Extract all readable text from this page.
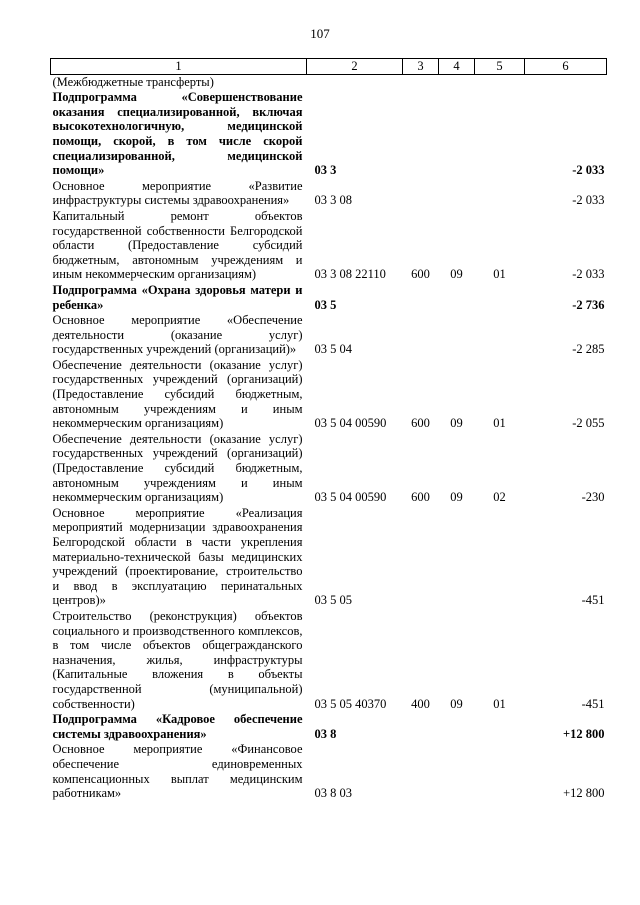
107
1	2	3	4	5	6
(Межбюджетные трансферты)					
Подпрограмма «Совершенствование оказания специализированной, включая высокотехнологичную, медицинской помощи, скорой, в том числе скорой специализированной, медицинской помощи»	03 3				-2 033
Основное мероприятие «Развитие инфраструктуры системы здравоохранения»	03 3 08				-2 033
Капитальный ремонт объектов государственной собственности Белгородской области (Предоставление субсидий бюджетным, автономным учреждениям и иным некоммерческим организациям)	03 3 08 22110	600	09	01	-2 033
Подпрограмма «Охрана здоровья матери и ребенка»	03 5				-2 736
Основное мероприятие «Обеспечение деятельности (оказание услуг) государственных учреждений (организаций)»	03 5 04				-2 285
Обеспечение деятельности (оказание услуг) государственных учреждений (организаций) (Предоставление субсидий бюджетным, автономным учреждениям и иным некоммерческим организациям)	03 5 04 00590	600	09	01	-2 055
Обеспечение деятельности (оказание услуг) государственных учреждений (организаций) (Предоставление субсидий бюджетным, автономным учреждениям и иным некоммерческим организациям)	03 5 04 00590	600	09	02	-230
Основное мероприятие «Реализация мероприятий модернизации здравоохранения Белгородской области в части укрепления материально-технической базы медицинских учреждений (проектирование, строительство и ввод в эксплуатацию перинатальных центров)»	03 5 05				-451
Строительство (реконструкция) объектов социального и производственного комплексов, в том числе объектов общегражданского назначения, жилья, инфраструктуры (Капитальные вложения в объекты государственной (муниципальной) собственности)	03 5 05 40370	400	09	01	-451
Подпрограмма «Кадровое обеспечение системы здравоохранения»	03 8				+12 800
Основное мероприятие «Финансовое обеспечение единовременных компенсационных выплат медицинским работникам»	03 8 03				+12 800
